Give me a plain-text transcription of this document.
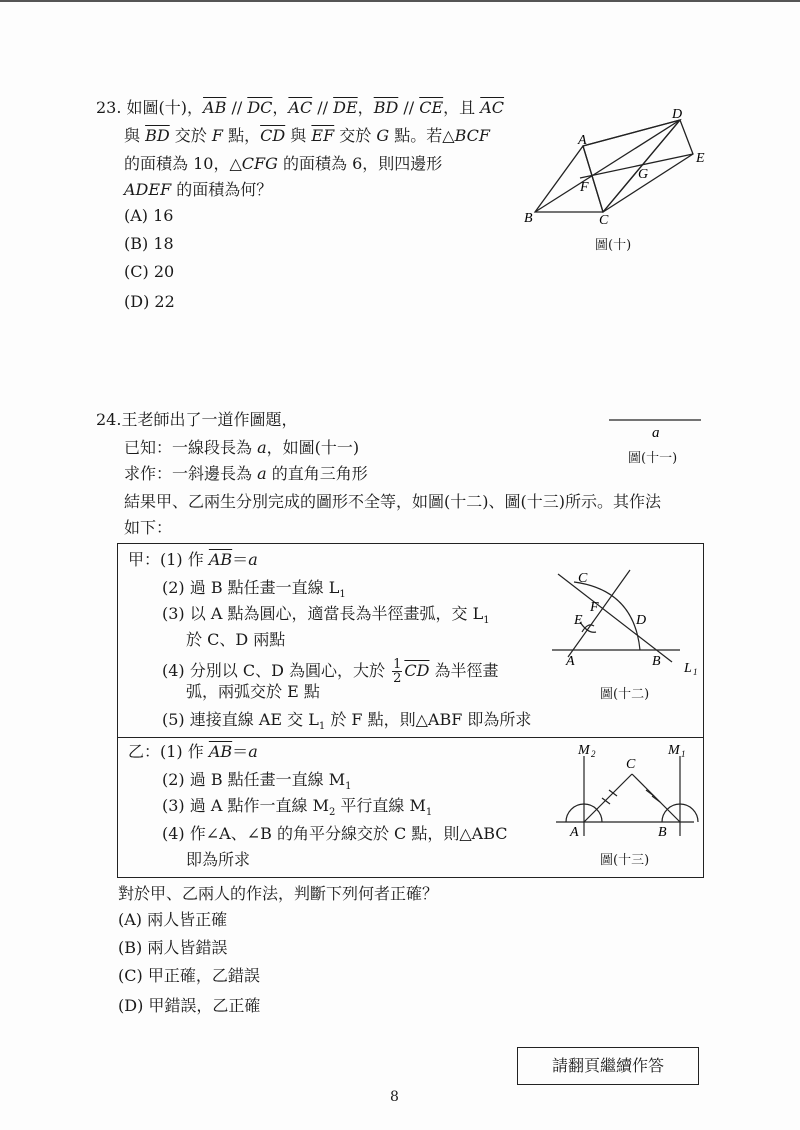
23. 如圖(十)，$\overline{AB} // \overline{DC}$，$\overline{AC} // \overline{DE}$，$\overline{BD} // \overline{CE}$，且 $\overline{AC}$
與 $\overline{BD}$ 交於 F 點，$\overline{CD}$ 與 $\overline{EF}$ 交於 G 點。若△BCF
的面積為 10，△CFG 的面積為 6，則四邊形
ADEF 的面積為何？
(A) 16
(B) 18
(C) 20
(D) 22
A
B	C
D
E
F
G
圖(十)
24.王老師出了一道作圖題，
已知：一線段長為 a，如圖(十一)
求作：一斜邊長為 a 的直角三角形
結果甲、乙兩生分別完成的圖形不全等，如圖(十二)、圖(十三)所示。其作法
如下：
a
圖(十一)
甲：(1) 作 $\overline{AB}=a$
(2) 過 B 點任畫一直線 $L_1$
(3) 以 A 點為圓心，適當長為半徑畫弧，交 $L_1$
於 C、D 兩點
(4) 分別以 C、D 為圓心，大於 1
2 $\overline{CD}$ 為半徑畫
弧，兩弧交於 E 點
(5) 連接直線 AE 交 $L_1$ 於 F 點，則△ABF 即為所求
C
F
E	D
A	B L 1
圖(十二)
乙：(1) 作 $\overline{AB}=a$
(2) 過 B 點任畫一直線 $M_1$
(3) 過 A 點作一直線 $M_2$ 平行直線 $M_1$
(4) 作∠A、∠B 的角平分線交於 C 點，則△ABC
即為所求
M 2	M 1
C
A	B
圖(十三)
對於甲、乙兩人的作法，判斷下列何者正確？
(A) 兩人皆正確
(B) 兩人皆錯誤
(C) 甲正確，乙錯誤
(D) 甲錯誤，乙正確
請翻頁繼續作答
8
